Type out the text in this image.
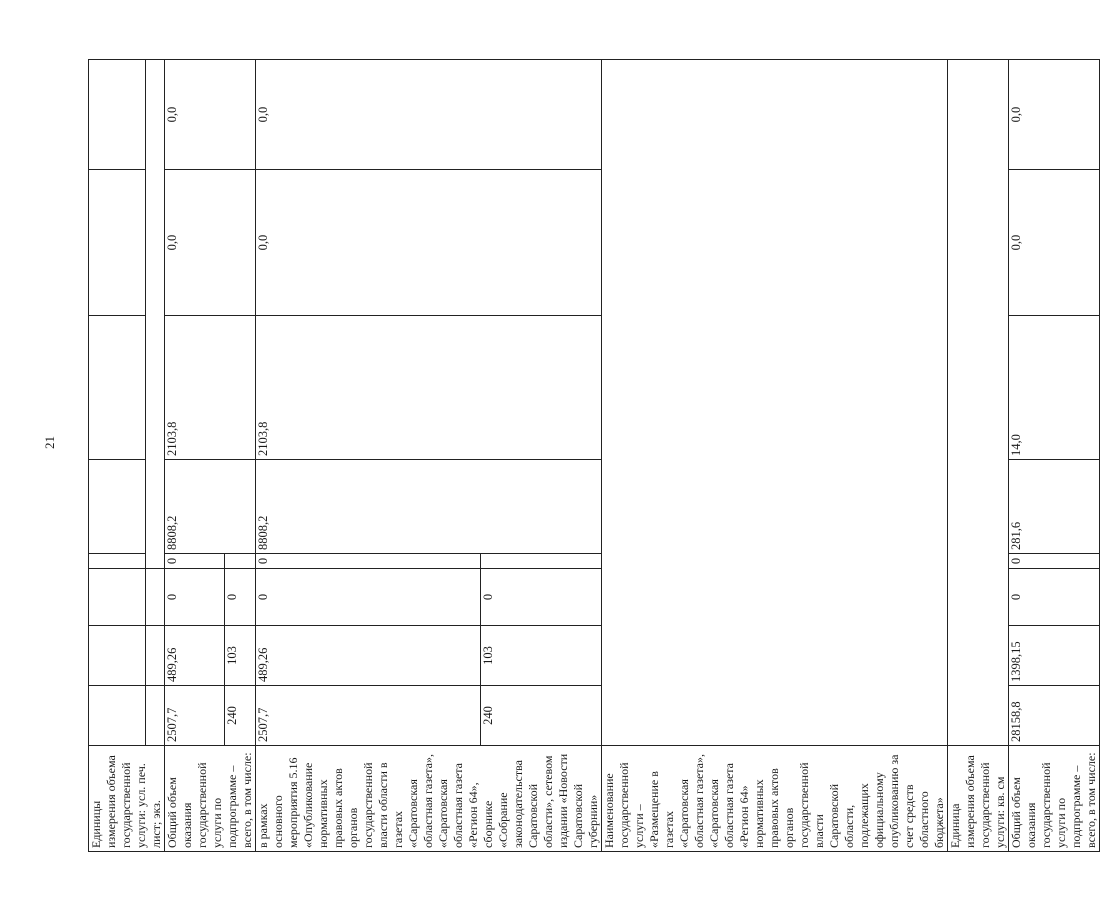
21
Единицы измерения объема государственной услуги: усл. печ. лист; экз.								

Общий объем оказания государственной услуги по подпрограмме – всего, в том числе:	2507,7	489,26	0	0	8808,2	2103,8	0,0	0,0
	240	103	0					
в рамках основного мероприятия 5.16 «Опубликование нормативных правовых актов органов государственной власти области в газетах «Саратовская областная газета», «Саратовская областная газета «Регион 64», сборнике «Собрание законодательства Саратовской области», сетевом издании «Новости Саратовской губернии»	2507,7	489,26	0	0	8808,2	2103,8	0,0	0,0
	240	103	0					
Наименование государственной услуги – «Размещение в газетах «Саратовская областная газета», «Саратовская областная газета «Регион 64» нормативных правовых актов органов государственной власти Саратовской области, подлежащих официальному опубликованию за счет средств областного бюджета»								
Единица измерения объема государственной услуги: кв. см								
Общий объем оказания государственной услуги по подпрограмме – всего, в том числе:	28158,8	1398,15	0	0	281,6	14,0	0,0	0,0
